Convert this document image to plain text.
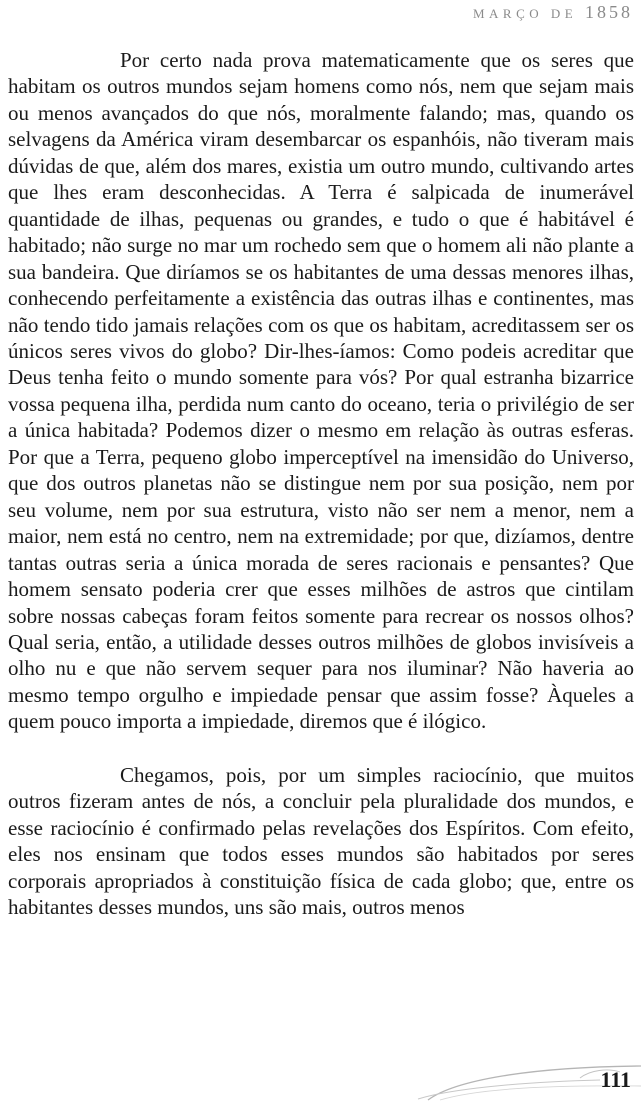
MARÇO DE 1858

Por certo nada prova matematicamente que os seres que habitam os outros mundos sejam homens como nós, nem que sejam mais ou menos avançados do que nós, moralmente falando; mas, quando os selvagens da América viram desembarcar os espanhóis, não tiveram mais dúvidas de que, além dos mares, existia um outro mundo, cultivando artes que lhes eram desconhecidas. A Terra é salpicada de inumerável quantidade de ilhas, pequenas ou grandes, e tudo o que é habitável é habitado; não surge no mar um rochedo sem que o homem ali não plante a sua bandeira. Que diríamos se os habitantes de uma dessas menores ilhas, conhecendo perfeitamente a existência das outras ilhas e continentes, mas não tendo tido jamais relações com os que os habitam, acreditassem ser os únicos seres vivos do globo? Dir-lhes-íamos: Como podeis acreditar que Deus tenha feito o mundo somente para vós? Por qual estranha bizarrice vossa pequena ilha, perdida num canto do oceano, teria o privilégio de ser a única habitada? Podemos dizer o mesmo em relação às outras esferas. Por que a Terra, pequeno globo imperceptível na imensidão do Universo, que dos outros planetas não se distingue nem por sua posição, nem por seu volume, nem por sua estrutura, visto não ser nem a menor, nem a maior, nem está no centro, nem na extremidade; por que, dizíamos, dentre tantas outras seria a única morada de seres racionais e pensantes? Que homem sensato poderia crer que esses milhões de astros que cintilam sobre nossas cabeças foram feitos somente para recrear os nossos olhos? Qual seria, então, a utilidade desses outros milhões de globos invisíveis a olho nu e que não servem sequer para nos iluminar? Não haveria ao mesmo tempo orgulho e impiedade pensar que assim fosse? Àqueles a quem pouco importa a impiedade, diremos que é ilógico.

Chegamos, pois, por um simples raciocínio, que muitos outros fizeram antes de nós, a concluir pela pluralidade dos mundos, e esse raciocínio é confirmado pelas revelações dos Espíritos. Com efeito, eles nos ensinam que todos esses mundos são habitados por seres corporais apropriados à constituição física de cada globo; que, entre os habitantes desses mundos, uns são mais, outros menos

111
